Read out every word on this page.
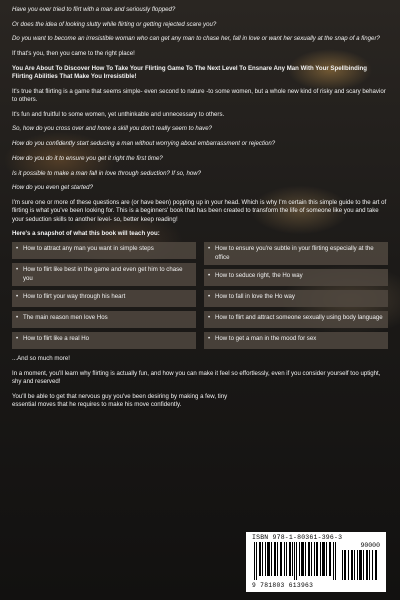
Have you ever tried to flirt with a man and seriously flopped?

Or does the idea of looking slutty while flirting or getting rejected scare you?

Do you want to become an irresistible woman who can get any man to chase her, fall in love or want her sexually at the snap of a finger?

If that's you, then you came to the right place!

You Are About To Discover How To Take Your Flirting Game To The Next Level To Ensnare Any Man With Your Spellbinding Flirting Abilities That Make You Irresistible!

It's true that flirting is a game that seems simple- even second to nature -to some women, but a whole new kind of risky and scary behavior to others.

It's fun and fruitful to some women, yet unthinkable and unnecessary to others.

So, how do you cross over and hone a skill you don't really seem to have?

How do you confidently start seducing a man without worrying about embarrassment or rejection?

How do you do it to ensure you get it right the first time?

Is it possible to make a man fall in love through seduction? If so, how?

How do you even get started?

I'm sure one or more of these questions are (or have been) popping up in your head. Which is why I'm certain this simple guide to the art of flirting is what you've been looking for. This is a beginners' book that has been created to transform the life of someone like you and take your seduction skills to another level- so, better keep reading!

Here's a snapshot of what this book will teach you:

• How to attract any man you want in simple steps
• How to flirt like best in the game and even get him to chase you
• How to flirt your way through his heart
• The main reason men love Hos
• How to flirt like a real Ho
• How to ensure you're subtle in your flirting especially at the office
• How to seduce right, the Ho way
• How to fall in love the Ho way
• How to flirt and attract someone sexually using body language
• How to get a man in the mood for sex

...And so much more!

In a moment, you'll learn why flirting is actually fun, and how you can make it feel so effortlessly, even if you consider yourself too uptight, shy and reserved!

You'll be able to get that nervous guy you've been desiring by making a few, tiny essential moves that he requires to make his move confidently.

ISBN 978-1-80361-396-3
90000
9 781803 613963
